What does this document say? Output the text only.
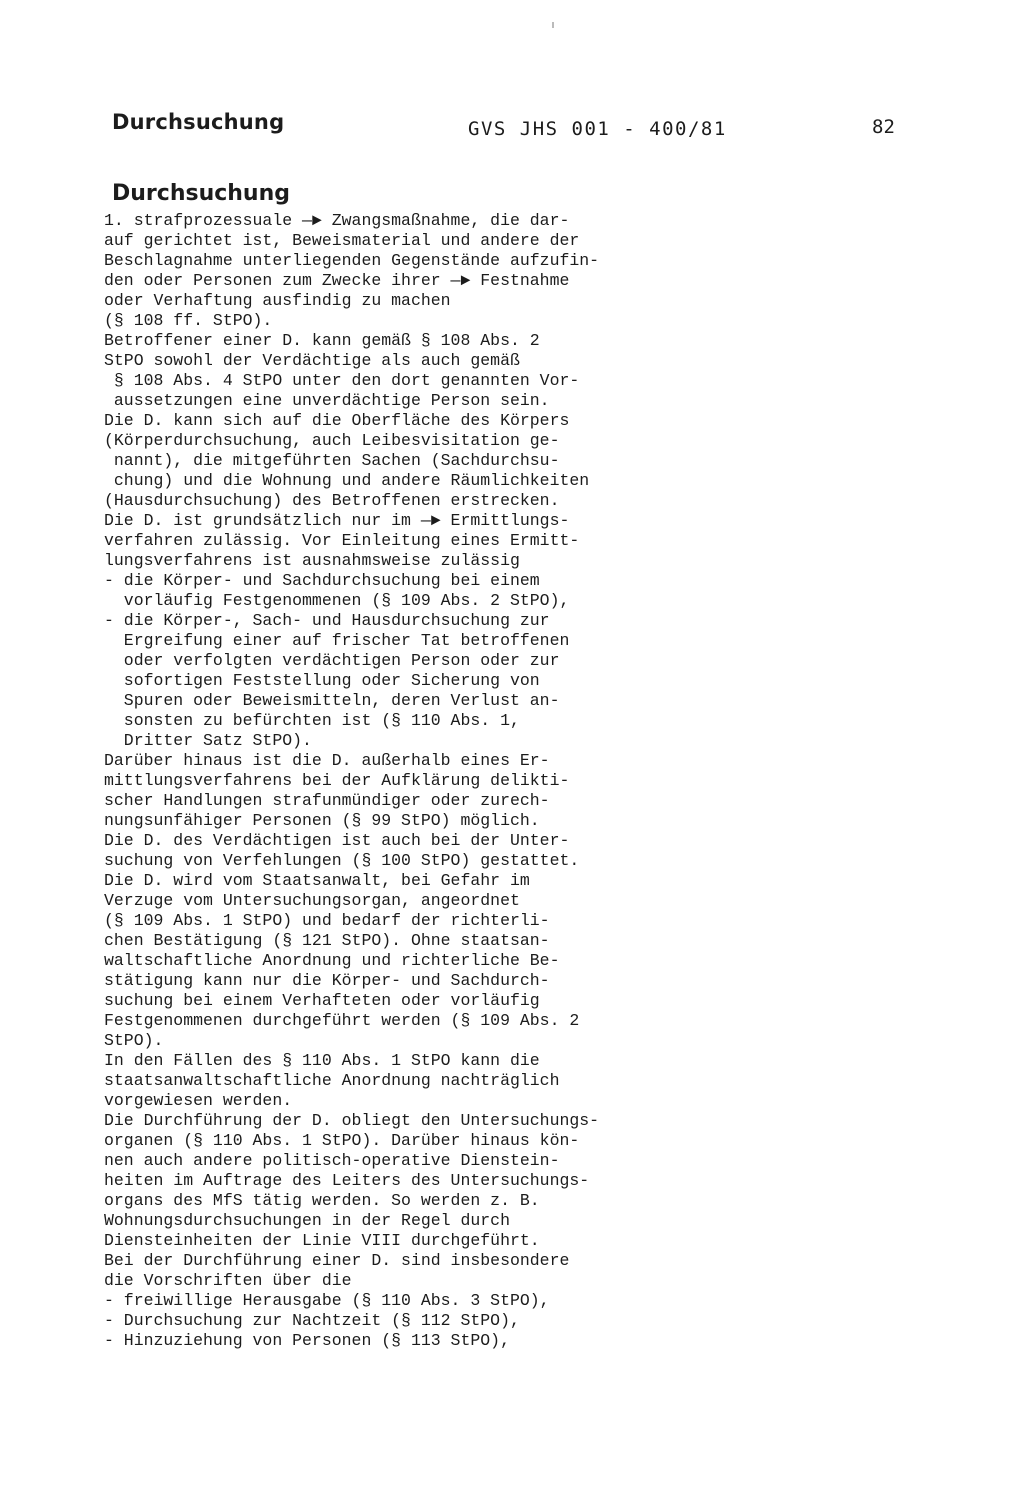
Durchsuchung	GVS JHS 001 - 400/81	82
Durchsuchung
1. strafprozessuale —► Zwangsmaßnahme, die dar-
auf gerichtet ist, Beweismaterial und andere der
Beschlagnahme unterliegenden Gegenstände aufzufin-
den oder Personen zum Zwecke ihrer —► Festnahme
oder Verhaftung ausfindig zu machen
(§ 108 ff. StPO).
Betroffener einer D. kann gemäß § 108 Abs. 2
StPO sowohl der Verdächtige als auch gemäß
§ 108 Abs. 4 StPO unter den dort genannten Vor-
aussetzungen eine unverdächtige Person sein.
Die D. kann sich auf die Oberfläche des Körpers
(Körperdurchsuchung, auch Leibesvisitation ge-
nannt), die mitgeführten Sachen (Sachdurchsu-
chung) und die Wohnung und andere Räumlichkeiten
(Hausdurchsuchung) des Betroffenen erstrecken.
Die D. ist grundsätzlich nur im —► Ermittlungs-
verfahren zulässig. Vor Einleitung eines Ermitt-
lungsverfahrens ist ausnahmsweise zulässig
- die Körper- und Sachdurchsuchung bei einem
vorläufig Festgenommenen (§ 109 Abs. 2 StPO),
- die Körper-, Sach- und Hausdurchsuchung zur
Ergreifung einer auf frischer Tat betroffenen
oder verfolgten verdächtigen Person oder zur
sofortigen Feststellung oder Sicherung von
Spuren oder Beweismitteln, deren Verlust an-
sonsten zu befürchten ist (§ 110 Abs. 1,
Dritter Satz StPO).
Darüber hinaus ist die D. außerhalb eines Er-
mittlungsverfahrens bei der Aufklärung delikti-
scher Handlungen strafunmündiger oder zurech-
nungsunfähiger Personen (§ 99 StPO) möglich.
Die D. des Verdächtigen ist auch bei der Unter-
suchung von Verfehlungen (§ 100 StPO) gestattet.
Die D. wird vom Staatsanwalt, bei Gefahr im
Verzuge vom Untersuchungsorgan, angeordnet
(§ 109 Abs. 1 StPO) und bedarf der richterli-
chen Bestätigung (§ 121 StPO). Ohne staatsan-
waltschaftliche Anordnung und richterliche Be-
stätigung kann nur die Körper- und Sachdurch-
suchung bei einem Verhafteten oder vorläufig
Festgenommenen durchgeführt werden (§ 109 Abs. 2
StPO).
In den Fällen des § 110 Abs. 1 StPO kann die
staatsanwaltschaftliche Anordnung nachträglich
vorgewiesen werden.
Die Durchführung der D. obliegt den Untersuchungs-
organen (§ 110 Abs. 1 StPO). Darüber hinaus kön-
nen auch andere politisch-operative Dienstein-
heiten im Auftrage des Leiters des Untersuchungs-
organs des MfS tätig werden. So werden z. B.
Wohnungsdurchsuchungen in der Regel durch
Diensteinheiten der Linie VIII durchgeführt.
Bei der Durchführung einer D. sind insbesondere
die Vorschriften über die
- freiwillige Herausgabe (§ 110 Abs. 3 StPO),
- Durchsuchung zur Nachtzeit (§ 112 StPO),
- Hinzuziehung von Personen (§ 113 StPO),
